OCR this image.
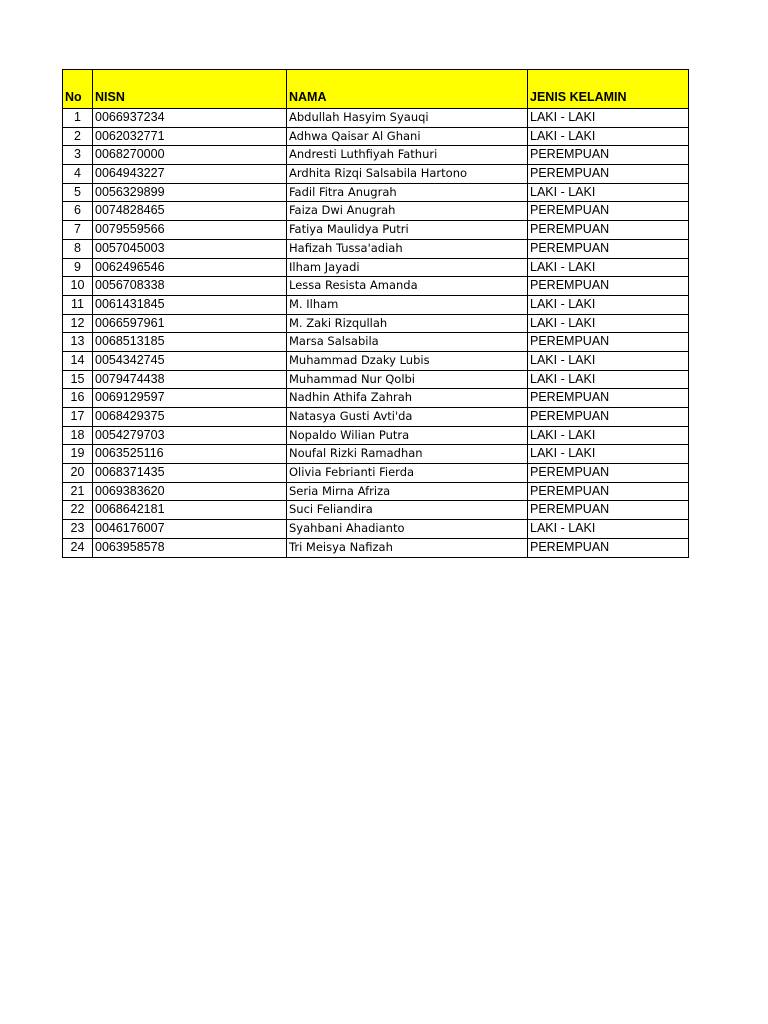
No	NISN	NAMA	JENIS KELAMIN
1	0066937234	Abdullah Hasyim Syauqi	LAKI - LAKI
2	0062032771	Adhwa Qaisar Al Ghani	LAKI - LAKI
3	0068270000	Andresti Luthfiyah Fathuri	PEREMPUAN
4	0064943227	Ardhita Rizqi Salsabila Hartono	PEREMPUAN
5	0056329899	Fadil Fitra Anugrah	LAKI - LAKI
6	0074828465	Faiza Dwi Anugrah	PEREMPUAN
7	0079559566	Fatiya Maulidya Putri	PEREMPUAN
8	0057045003	Hafizah Tussa'adiah	PEREMPUAN
9	0062496546	Ilham Jayadi	LAKI - LAKI
10	0056708338	Lessa Resista Amanda	PEREMPUAN
11	0061431845	M. Ilham	LAKI - LAKI
12	0066597961	M. Zaki Rizqullah	LAKI - LAKI
13	0068513185	Marsa Salsabila	PEREMPUAN
14	0054342745	Muhammad Dzaky Lubis	LAKI - LAKI
15	0079474438	Muhammad Nur Qolbi	LAKI - LAKI
16	0069129597	Nadhin Athifa Zahrah	PEREMPUAN
17	0068429375	Natasya Gusti Avti'da	PEREMPUAN
18	0054279703	Nopaldo Wilian Putra	LAKI - LAKI
19	0063525116	Noufal Rizki Ramadhan	LAKI - LAKI
20	0068371435	Olivia Febrianti Fierda	PEREMPUAN
21	0069383620	Seria Mirna Afriza	PEREMPUAN
22	0068642181	Suci Feliandira	PEREMPUAN
23	0046176007	Syahbani Ahadianto	LAKI - LAKI
24	0063958578	Tri Meisya Nafizah	PEREMPUAN
